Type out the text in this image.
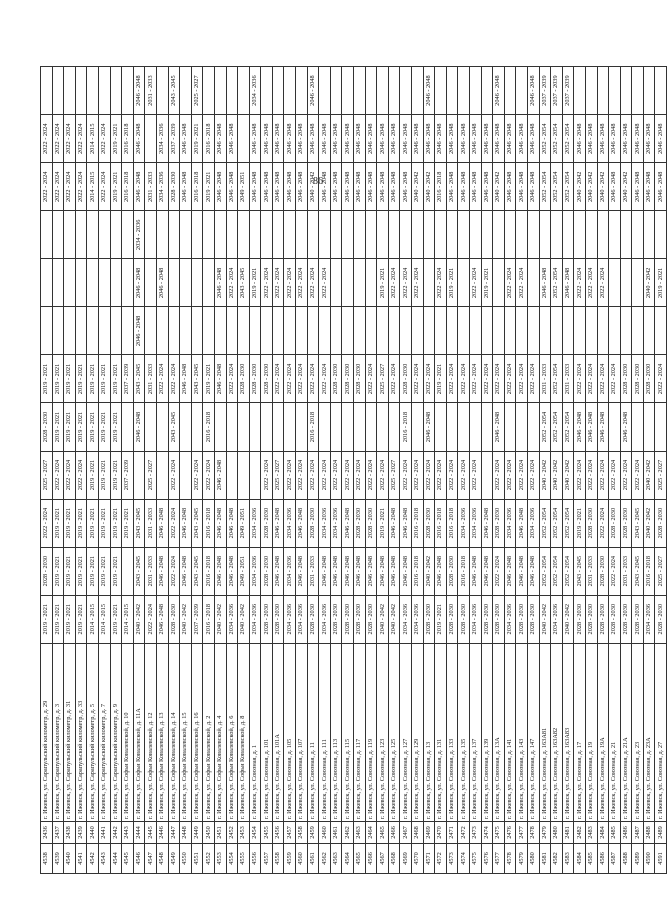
86
4538	2436	г. Ижевск, ул. Сарапульский километр, д. 29	2019 - 2021	2028 - 2030	2022 - 2024	2025 - 2027	2028 - 2030	2019 - 2021				2022 - 2024	2022 - 2024	
4539	2437	г. Ижевск, ул. Сарапульский километр, д. 3	2019 - 2021	2019 - 2021	2019 - 2021	2022 - 2024	2019 - 2021	2019 - 2021				2022 - 2024	2022 - 2024	
4540	2438	г. Ижевск, ул. Сарапульский километр, д. 31	2019 - 2021	2019 - 2021	2019 - 2021	2022 - 2024	2019 - 2021	2019 - 2021				2022 - 2024	2022 - 2024	
4541	2439	г. Ижевск, ул. Сарапульский километр, д. 33	2019 - 2021	2019 - 2021	2019 - 2021	2022 - 2024	2019 - 2021	2019 - 2021				2022 - 2024	2022 - 2024	
4542	2440	г. Ижевск, ул. Сарапульский километр, д. 5	2014 - 2015	2019 - 2021	2019 - 2021	2019 - 2021	2019 - 2021	2019 - 2021				2014 - 2015	2014 - 2015	
4543	2441	г. Ижевск, ул. Сарапульский километр, д. 7	2014 - 2015	2019 - 2021	2019 - 2021	2019 - 2021	2019 - 2021	2019 - 2021				2022 - 2024	2022 - 2024	
4544	2442	г. Ижевск, ул. Сарапульский километр, д. 9	2019 - 2021	2019 - 2021	2019 - 2021	2019 - 2021	2019 - 2021	2019 - 2021				2019 - 2021	2019 - 2021	
4545	2443	г. Ижевск, ул. Софьи Ковалевской, д. 10	2014 - 2015		2019 - 2021	2037 - 2039		2037 - 2039				2016 - 2018	2016 - 2018	
4546	2444	г. Ижевск, ул. Софьи Ковалевской, д. 11А	2040 - 2042	2043 - 2045	2043 - 2045		2046 - 2048	2043 - 2045	2046 - 2048	2046 - 2048	2034 - 2036	2046 - 2048	2046 - 2048	2046 - 2048
4547	2445	г. Ижевск, ул. Софьи Ковалевской, д. 12	2022 - 2024	2031 - 2033	2031 - 2033	2025 - 2027		2031 - 2033				2031 - 2033		2031 - 2033
4548	2446	г. Ижевск, ул. Софьи Ковалевской, д. 13	2046 - 2048	2046 - 2048	2046 - 2048			2022 - 2024		2046 - 2048		2034 - 2036	2034 - 2036	
4549	2447	г. Ижевск, ул. Софьи Ковалевской, д. 14	2028 - 2030	2022 - 2024	2022 - 2024	2022 - 2024	2043 - 2045	2022 - 2024				2028 - 2030	2037 - 2039	2043 - 2045
4550	2448	г. Ижевск, ул. Софьи Ковалевской, д. 15	2040 - 2042	2046 - 2048	2046 - 2048			2046 - 2048				2046 - 2048	2046 - 2048	
4551	2449	г. Ижевск, ул. Софьи Ковалевской, д. 16	2037 - 2039	2043 - 2045	2043 - 2045	2022 - 2024		2043 - 2045				2016 - 2018	2019 - 2021	2025 - 2027
4552	2450	г. Ижевск, ул. Софьи Ковалевской, д. 2	2016 - 2018	2016 - 2018	2016 - 2018	2022 - 2024	2016 - 2018	2019 - 2021				2019 - 2021	2016 - 2018	
4553	2451	г. Ижевск, ул. Софьи Ковалевской, д. 4	2040 - 2042	2046 - 2048	2046 - 2048	2046 - 2048		2046 - 2048		2046 - 2048		2046 - 2048	2046 - 2048	
4554	2452	г. Ижевск, ул. Софьи Ковалевской, д. 6	2034 - 2036	2046 - 2048	2046 - 2048			2022 - 2024		2022 - 2024		2046 - 2048	2046 - 2048	
4555	2453	г. Ижевск, ул. Софьи Ковалевской, д. 8	2040 - 2042	2049 - 2051	2049 - 2051			2028 - 2030		2043 - 2045		2049 - 2051		
4556	2454	г. Ижевск, ул. Союзная, д. 1	2034 - 2036	2034 - 2036	2034 - 2036			2028 - 2030		2019 - 2021		2046 - 2048	2046 - 2048	2034 - 2036
4557	2455	г. Ижевск, ул. Союзная, д. 101	2028 - 2030	2028 - 2030	2028 - 2030	2022 - 2024		2028 - 2030		2022 - 2024		2046 - 2048	2046 - 2048	
4558	2456	г. Ижевск, ул. Союзная, д. 101А	2028 - 2030	2046 - 2048	2046 - 2048	2025 - 2027		2022 - 2024		2022 - 2024		2046 - 2048	2046 - 2048	
4559	2457	г. Ижевск, ул. Союзная, д. 105	2034 - 2036	2034 - 2036	2034 - 2036	2022 - 2024		2022 - 2024		2022 - 2024		2046 - 2048	2046 - 2048	
4560	2458	г. Ижевск, ул. Союзная, д. 107	2034 - 2036	2046 - 2048	2046 - 2048	2022 - 2024		2022 - 2024		2022 - 2024		2046 - 2048	2046 - 2048	
4561	2459	г. Ижевск, ул. Союзная, д. 11	2028 - 2030	2031 - 2033	2028 - 2030	2022 - 2024	2016 - 2018	2022 - 2024		2022 - 2024		2040 - 2042	2046 - 2048	2046 - 2048
4562	2460	г. Ижевск, ул. Союзная, д. 111	2034 - 2036	2046 - 2048	2034 - 2036	2022 - 2024		2022 - 2024		2022 - 2024		2046 - 2048	2046 - 2048	
4563	2461	г. Ижевск, ул. Союзная, д. 113	2028 - 2030	2046 - 2048	2034 - 2036	2022 - 2024		2028 - 2030				2046 - 2048	2046 - 2048	
4564	2462	г. Ижевск, ул. Союзная, д. 115	2028 - 2030	2046 - 2048	2046 - 2048	2022 - 2024		2028 - 2030				2046 - 2048	2046 - 2048	
4565	2463	г. Ижевск, ул. Союзная, д. 117	2028 - 2030	2046 - 2048	2028 - 2030	2022 - 2024		2028 - 2030				2046 - 2048	2046 - 2048	
4566	2464	г. Ижевск, ул. Союзная, д. 119	2028 - 2030	2046 - 2048	2028 - 2030	2022 - 2024		2022 - 2024				2046 - 2048	2046 - 2048	
4567	2465	г. Ижевск, ул. Союзная, д. 123	2040 - 2042	2046 - 2048	2019 - 2021	2022 - 2024		2025 - 2027		2019 - 2021		2046 - 2048	2046 - 2048	
4568	2466	г. Ижевск, ул. Союзная, д. 125	2040 - 2042	2046 - 2048	2046 - 2048	2025 - 2027		2022 - 2024		2022 - 2024		2046 - 2048	2046 - 2048	
4569	2467	г. Ижевск, ул. Союзная, д. 127	2034 - 2036	2046 - 2048	2046 - 2048	2022 - 2024	2016 - 2018	2028 - 2030		2022 - 2024		2046 - 2048	2046 - 2048	
4570	2468	г. Ижевск, ул. Союзная, д. 129	2034 - 2036	2016 - 2018	2016 - 2018	2022 - 2024		2022 - 2024		2022 - 2024		2040 - 2042	2046 - 2048	
4571	2469	г. Ижевск, ул. Союзная, д. 13	2028 - 2030	2040 - 2042	2028 - 2030	2022 - 2024	2046 - 2048	2022 - 2024				2040 - 2042	2046 - 2048	2046 - 2048
4572	2470	г. Ижевск, ул. Союзная, д. 131	2019 - 2021	2046 - 2048	2016 - 2018	2022 - 2024		2019 - 2021		2022 - 2024		2016 - 2018	2046 - 2048	
4573	2471	г. Ижевск, ул. Союзная, д. 133	2028 - 2030	2028 - 2030	2016 - 2018	2022 - 2024		2022 - 2024		2019 - 2021		2046 - 2048	2046 - 2048	
4574	2472	г. Ижевск, ул. Союзная, д. 135	2028 - 2030	2016 - 2018	2034 - 2036	2022 - 2024		2022 - 2024				2046 - 2048	2046 - 2048	
4575	2473	г. Ижевск, ул. Союзная, д. 137	2034 - 2036	2046 - 2048	2034 - 2036	2022 - 2024		2022 - 2024		2022 - 2024		2046 - 2048	2046 - 2048	
4576	2474	г. Ижевск, ул. Союзная, д. 139	2028 - 2030	2046 - 2048	2046 - 2048			2022 - 2024		2019 - 2021		2046 - 2048	2046 - 2048	
4577	2475	г. Ижевск, ул. Союзная, д. 13А	2028 - 2030	2022 - 2024	2028 - 2030	2022 - 2024	2046 - 2048	2022 - 2024				2040 - 2042	2046 - 2048	2046 - 2048
4578	2476	г. Ижевск, ул. Союзная, д. 141	2034 - 2036	2046 - 2048	2034 - 2036	2022 - 2024		2022 - 2024		2022 - 2024		2046 - 2048	2046 - 2048	
4579	2477	г. Ижевск, ул. Союзная, д. 143	2028 - 2030	2046 - 2048	2046 - 2048	2022 - 2024		2022 - 2024		2022 - 2024		2046 - 2048	2046 - 2048	
4580	2478	г. Ижевск, ул. Союзная, д. 147	2028 - 2030	2046 - 2048	2034 - 2036	2022 - 2024		2022 - 2024				2046 - 2048	2046 - 2048	2046 - 2048
4581	2479	г. Ижевск, ул. Союзная, д. 163А81	2040 - 2042	2052 - 2054	2052 - 2054	2040 - 2042	2052 - 2054	2031 - 2033		2046 - 2048		2052 - 2054	2052 - 2054	2037 - 2039
4582	2480	г. Ижевск, ул. Союзная, д. 163А82	2034 - 2036	2052 - 2054	2052 - 2054	2040 - 2042	2052 - 2054	2052 - 2054		2052 - 2054		2052 - 2054	2052 - 2054	2037 - 2039
4583	2481	г. Ижевск, ул. Союзная, д. 163А83	2040 - 2042	2052 - 2054	2052 - 2054	2040 - 2042	2052 - 2054	2031 - 2033		2046 - 2048		2052 - 2054	2052 - 2054	2037 - 2039
4584	2482	г. Ижевск, ул. Союзная, д. 17	2028 - 2030	2043 - 2045	2019 - 2021	2022 - 2024	2046 - 2048	2022 - 2024		2022 - 2024		2040 - 2042	2046 - 2048	
4585	2483	г. Ижевск, ул. Союзная, д. 19	2028 - 2030	2031 - 2033	2028 - 2030	2022 - 2024	2046 - 2048	2022 - 2024		2022 - 2024		2040 - 2042	2046 - 2048	
4586	2484	г. Ижевск, ул. Союзная, д. 19А	2028 - 2030	2028 - 2030	2022 - 2024	2022 - 2024	2046 - 2048	2022 - 2024		2022 - 2024		2040 - 2042	2046 - 2048	
4587	2485	г. Ижевск, ул. Союзная, д. 21	2028 - 2030	2022 - 2024	2028 - 2030	2022 - 2024		2022 - 2024				2046 - 2048	2046 - 2048	
4588	2486	г. Ижевск, ул. Союзная, д. 21А	2028 - 2030	2031 - 2033	2028 - 2030	2022 - 2024	2046 - 2048	2028 - 2030				2040 - 2042	2046 - 2048	
4589	2487	г. Ижевск, ул. Союзная, д. 23	2028 - 2030	2043 - 2045	2043 - 2045	2022 - 2024		2028 - 2030				2046 - 2048	2046 - 2048	
4590	2488	г. Ижевск, ул. Союзная, д. 23А	2034 - 2036	2016 - 2018	2040 - 2042	2040 - 2042		2028 - 2030		2040 - 2042		2046 - 2048	2046 - 2048	
4591	2489	г. Ижевск, ул. Союзная, д. 27	2028 - 2030	2025 - 2027	2028 - 2030	2025 - 2027		2022 - 2024		2019 - 2021		2046 - 2048	2046 - 2048	
